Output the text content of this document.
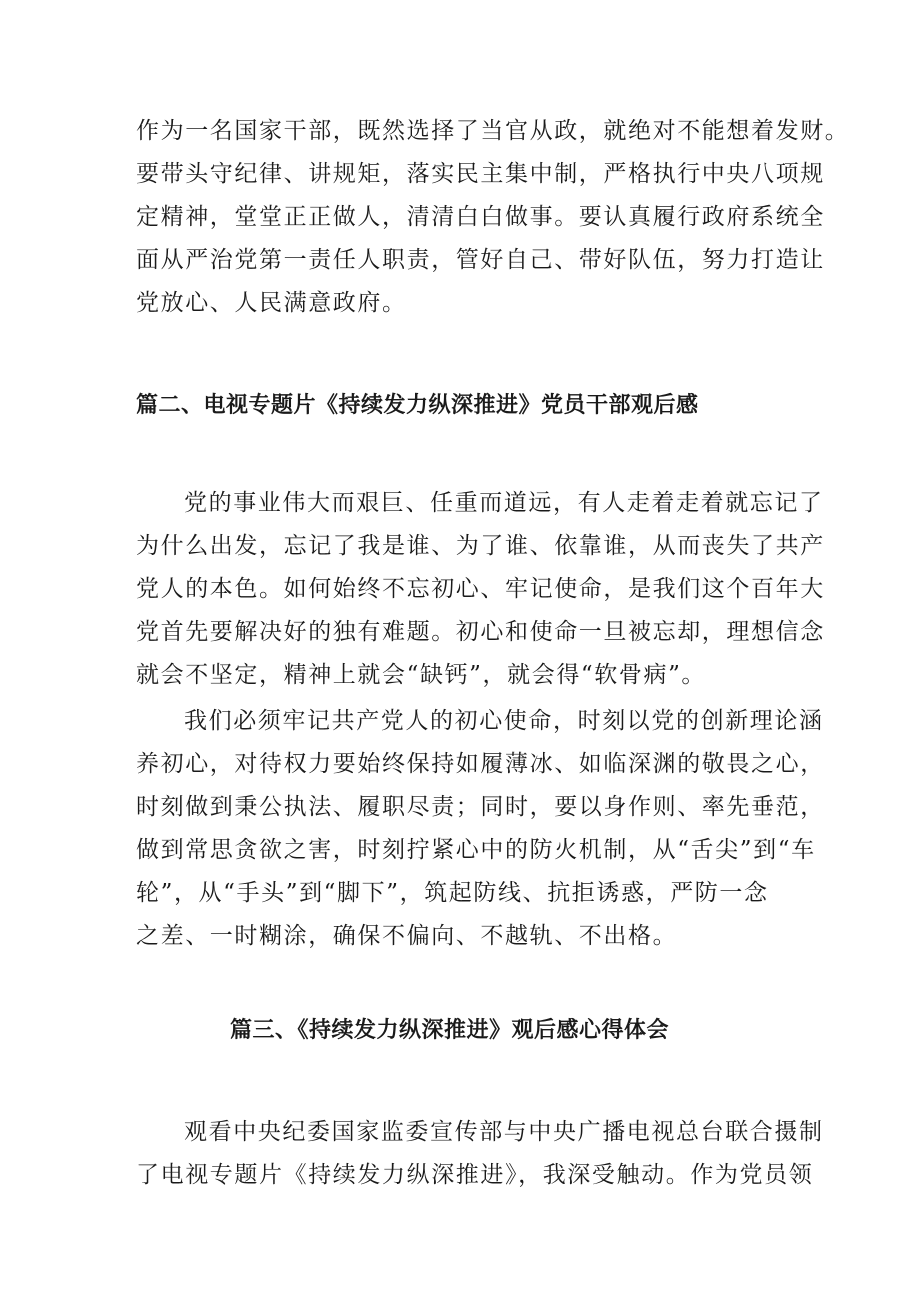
作为一名国家干部，既然选择了当官从政，就绝对不能想着发财。
要带头守纪律、讲规矩，落实民主集中制，严格执行中央八项规
定精神，堂堂正正做人，清清白白做事。要认真履行政府系统全
面从严治党第一责任人职责，管好自己、带好队伍，努力打造让
党放心、人民满意政府。
篇二、电视专题片《持续发力纵深推进》党员干部观后感
党的事业伟大而艰巨、任重而道远，有人走着走着就忘记了
为什么出发，忘记了我是谁、为了谁、依靠谁，从而丧失了共产
党人的本色。如何始终不忘初心、牢记使命，是我们这个百年大
党首先要解决好的独有难题。初心和使命一旦被忘却，理想信念
就会不坚定，精神上就会“缺钙”，就会得“软骨病”。
我们必须牢记共产党人的初心使命，时刻以党的创新理论涵
养初心，对待权力要始终保持如履薄冰、如临深渊的敬畏之心，
时刻做到秉公执法、履职尽责；同时，要以身作则、率先垂范，
做到常思贪欲之害，时刻拧紧心中的防火机制，从“舌尖”到“车
轮”，从“手头”到“脚下”，筑起防线、抗拒诱惑，严防一念
之差、一时糊涂，确保不偏向、不越轨、不出格。
篇三、《持续发力纵深推进》观后感心得体会
观看中央纪委国家监委宣传部与中央广播电视总台联合摄制
了电视专题片《持续发力纵深推进》，我深受触动。作为党员领
